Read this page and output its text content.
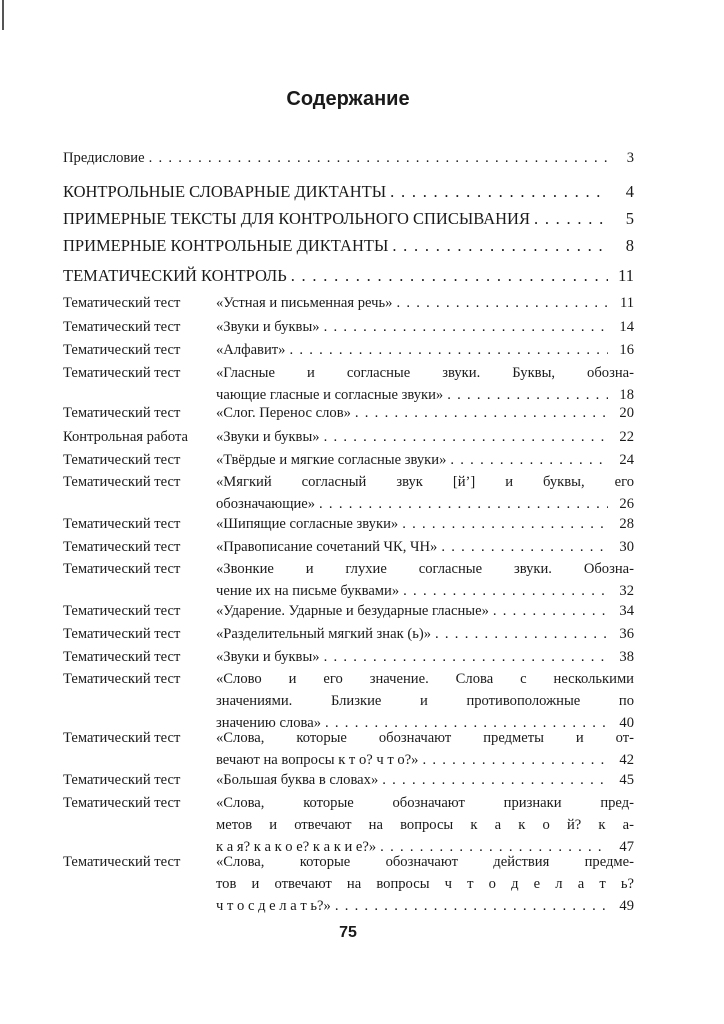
Содержание
Предисловие . . .	3
КОНТРОЛЬНЫЕ СЛОВАРНЫЕ ДИКТАНТЫ . . .	4
ПРИМЕРНЫЕ ТЕКСТЫ ДЛЯ КОНТРОЛЬНОГО СПИСЫВАНИЯ . . .	5
ПРИМЕРНЫЕ КОНТРОЛЬНЫЕ ДИКТАНТЫ . . .	8
ТЕМАТИЧЕСКИЙ КОНТРОЛЬ . . .	11
Тематический тест «Устная и письменная речь» . . .	11
Тематический тест «Звуки и буквы» . . .	14
Тематический тест «Алфавит» . . .	16
Тематический тест «Гласные и согласные звуки. Буквы, обозна-
чающие гласные и согласные звуки» . . .	18
Тематический тест «Слог. Перенос слов» . . .	20
Контрольная работа «Звуки и буквы» . . .	22
Тематический тест «Твёрдые и мягкие согласные звуки» . . .	24
Тематический тест «Мягкий согласный звук [й’] и буквы, его
обозначающие» . . .	26
Тематический тест «Шипящие согласные звуки» . . .	28
Тематический тест «Правописание сочетаний ЧК, ЧН» . . .	30
Тематический тест «Звонкие и глухие согласные звуки. Обозна-
чение их на письме буквами» . . .	32
Тематический тест «Ударение. Ударные и безударные гласные» . . .	34
Тематический тест «Разделительный мягкий знак (ь)» . . .	36
Тематический тест «Звуки и буквы» . . .	38
Тематический тест «Слово и его значение. Слова с несколькими
значениями. Близкие и противоположные по
значению слова» . . .	40
Тематический тест «Слова, которые обозначают предметы и от-
вечают на вопросы к т о? ч т о?» . . .	42
Тематический тест «Большая буква в словах» . . .	45
Тематический тест «Слова, которые обозначают признаки пред-
метов и отвечают на вопросы к а к о й? к а-
к а я? к а к о е? к а к и е?» . . .	47
Тематический тест «Слова, которые обозначают действия предме-
тов и отвечают на вопросы ч т о д е л а т ь?
ч т о с д е л а т ь?» . . .	49
75
